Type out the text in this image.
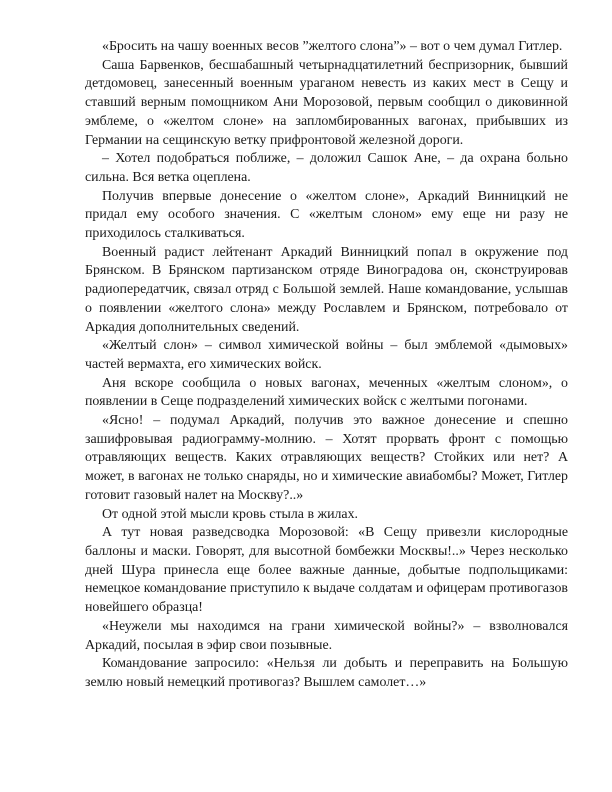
«Бросить на чашу военных весов ”желтого слона”» – вот о чем думал Гитлер.

Саша Барвенков, бесшабашный четырнадцатилетний беспризорник, бывший детдомовец, занесенный военным ураганом невесть из каких мест в Сещу и ставший верным помощником Ани Морозовой, первым сообщил о диковинной эмблеме, о «желтом слоне» на запломбированных вагонах, прибывших из Германии на сещинскую ветку прифронтовой железной дороги.

– Хотел подобраться поближе, – доложил Сашок Ане, – да охрана больно сильна. Вся ветка оцеплена.

Получив впервые донесение о «желтом слоне», Аркадий Винницкий не придал ему особого значения. С «желтым слоном» ему еще ни разу не приходилось сталкиваться.

Военный радист лейтенант Аркадий Винницкий попал в окружение под Брянском. В Брянском партизанском отряде Виноградова он, сконструировав радиопередатчик, связал отряд с Большой землей. Наше командование, услышав о появлении «желтого слона» между Рославлем и Брянском, потребовало от Аркадия дополнительных сведений.

«Желтый слон» – символ химической войны – был эмблемой «дымовых» частей вермахта, его химических войск.

Аня вскоре сообщила о новых вагонах, меченных «желтым слоном», о появлении в Сеще подразделений химических войск с желтыми погонами.

«Ясно! – подумал Аркадий, получив это важное донесение и спешно зашифровывая радиограмму-молнию. – Хотят прорвать фронт с помощью отравляющих веществ. Каких отравляющих веществ? Стойких или нет? А может, в вагонах не только снаряды, но и химические авиабомбы? Может, Гитлер готовит газовый налет на Москву?..»

От одной этой мысли кровь стыла в жилах.

А тут новая разведсводка Морозовой: «В Сещу привезли кислородные баллоны и маски. Говорят, для высотной бомбежки Москвы!..» Через несколько дней Шура принесла еще более важные данные, добытые подпольщиками: немецкое командование приступило к выдаче солдатам и офицерам противогазов новейшего образца!

«Неужели мы находимся на грани химической войны?» – взволновался Аркадий, посылая в эфир свои позывные.

Командование запросило: «Нельзя ли добыть и переправить на Большую землю новый немецкий противогаз? Вышлем самолет…»
